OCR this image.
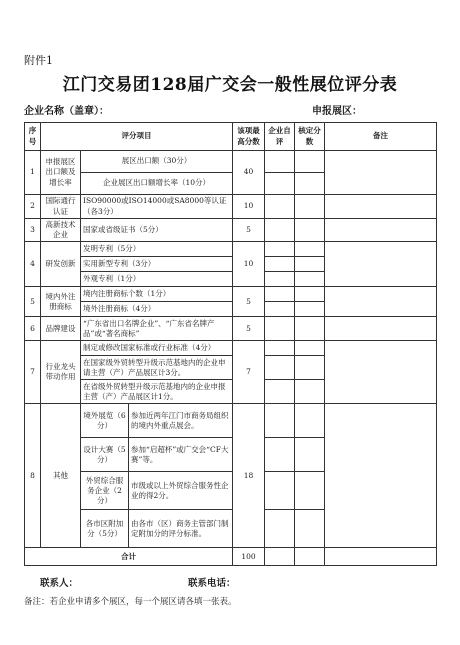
附件1
江门交易团128届广交会一般性展位评分表
企业名称（盖章）：	申报展区：
序号	评分项目			该项最高分数	企业自评	核定分数	备注
1	申报展区出口额及增长率	展区出口额（30分）		40			
		企业展区出口额增长率（10分）					
2	国际通行认证	ISO90000或ISO14000或SA8000等认证（各3分）		10			
3	高新技术企业	国家或省级证书（5分）		5			
4	研发创新	发明专利（5分）		10			
		实用新型专利（3分）					
		外观专利（1分）					
5	境内外注册商标	境内注册商标个数（1分）		5			
		境外注册商标（4分）					
6	品牌建设	“广东省出口名牌企业”、“广东省名牌产品”或“著名商标”		5			
7	行业龙头带动作用	制定或修改国家标准或行业标准（4分）		7			
		在国家级外贸转型升级示范基地内的企业申请主营（产）产品展区计3分。					
		在省级外贸转型升级示范基地内的企业申报主营（产）产品展区计1分。					
8	其他	境外展览（6分）	参加近两年江门市商务局组织的境内外重点展会。	18			
		设计大赛（5分）	参加“启超杯”或广交会“CF大赛”等。				
		外贸综合服务企业（2分）	市级或以上外贸综合服务性企业的得2分。				
		各市区附加分（5分）	由各市（区）商务主管部门制定附加分的评分标准。				
合计				100			
联系人：	联系电话：
备注：若企业申请多个展区，每一个展区请各填一张表。
